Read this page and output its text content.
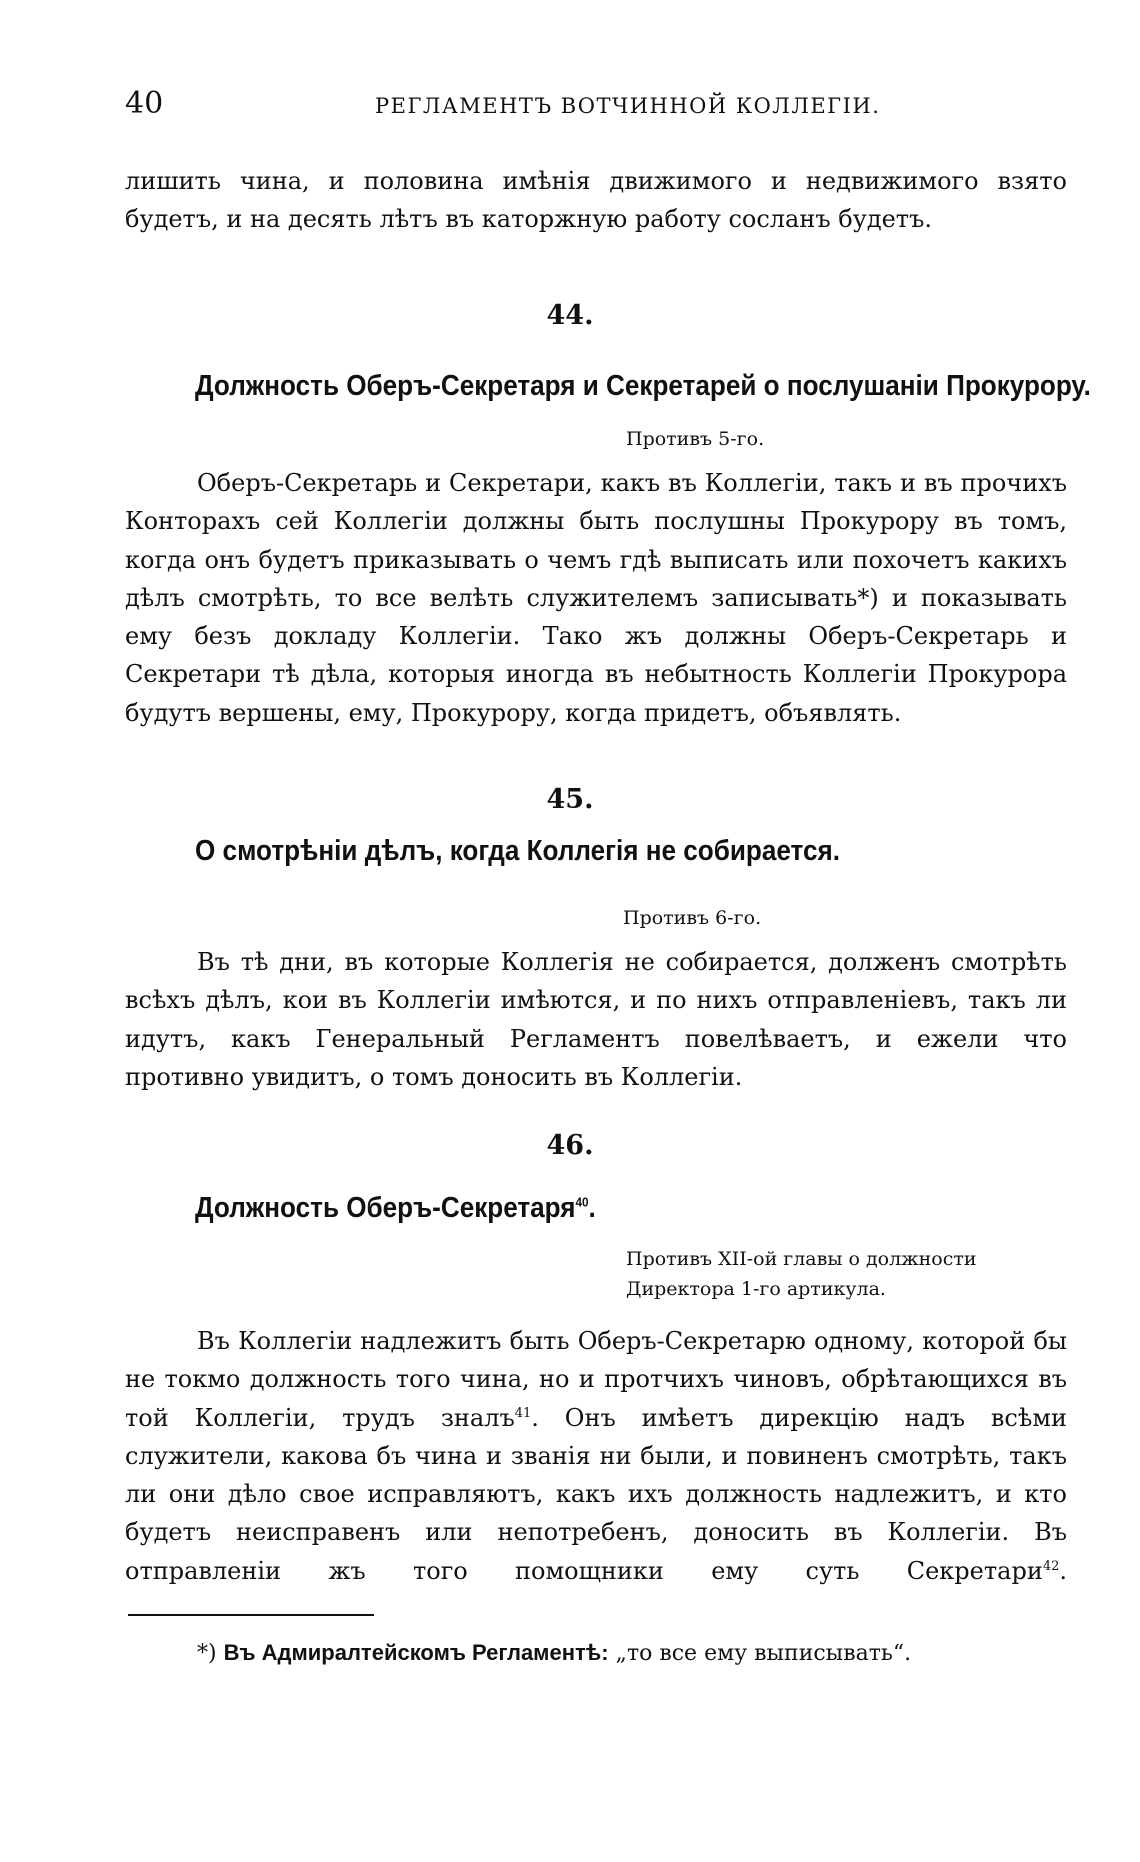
40	РЕГЛАМЕНТЪ ВОТЧИННОЙ КОЛЛЕГІИ.
лишить чина, и половина имѣнія движимого и недвижимого взято будетъ, и на десять лѣтъ въ каторжную работу сосланъ будетъ.
44.
Должность Оберъ-Секретаря и Секретарей о послушаніи Прокурору.
Противъ 5-го.
Оберъ-Секретарь и Секретари, какъ въ Коллегіи, такъ и въ прочихъ Конторахъ сей Коллегіи должны быть послушны Прокурору въ томъ, когда онъ будетъ приказывать о чемъ гдѣ выписать или похочетъ какихъ дѣлъ смотрѣть, то все велѣть служителемъ записывать*) и показывать ему безъ докладу Коллегіи. Тако жъ должны Оберъ-Секретарь и Секретари тѣ дѣла, которыя иногда въ небытность Коллегіи Прокурора будутъ вершены, ему, Прокурору, когда придетъ, объявлять.
45.
О смотрѣніи дѣлъ, когда Коллегія не собирается.
Противъ 6-го.
Въ тѣ дни, въ которые Коллегія не собирается, долженъ смотрѣть всѣхъ дѣлъ, кои въ Коллегіи имѣются, и по нихъ отправленіевъ, такъ ли идутъ, какъ Генеральный Регламентъ повелѣваетъ, и ежели что противно увидитъ, о томъ доносить въ Коллегіи.
46.
Должность Оберъ-Секретаря$^{40}$.
Противъ XII-ой главы о должности
Директора 1-го артикула.
Въ Коллегіи надлежитъ быть Оберъ-Секретарю одному, которой бы не токмо должность того чина, но и протчихъ чиновъ, обрѣтающихся въ той Коллегіи, трудъ зналъ$^{41}$. Онъ имѣетъ дирекцію надъ всѣми служители, какова бъ чина и званія ни были, и повиненъ смотрѣть, такъ ли они дѣло свое исправляютъ, какъ ихъ должность надлежитъ, и кто будетъ неисправенъ или непотребенъ, доносить въ Коллегіи. Въ отправленіи жъ того помощники ему суть Секретари$^{42}$.
*) Въ Адмиралтейскомъ Регламентѣ: „то все ему выписывать“.
